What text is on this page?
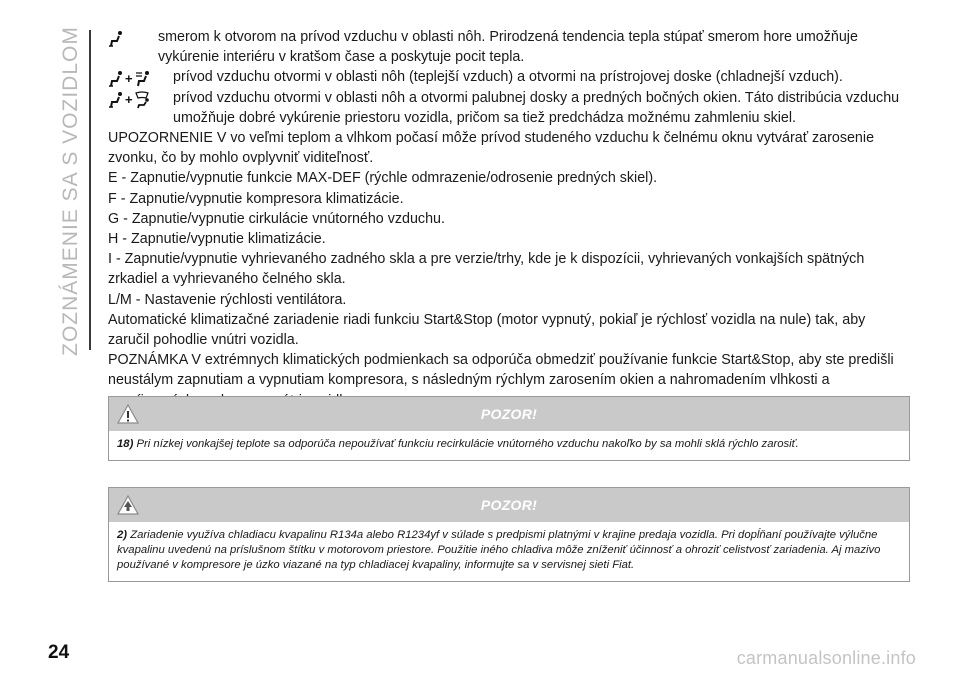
ZOZNÁMENIE SA S VOZIDLOM	smerom k otvorom na prívod vzduchu v oblasti nôh. Prirodzená tendencia tepla stúpať smerom hore umožňuje vykúrenie interiéru v kratšom čase a poskytuje pocit tepla.
+	prívod vzduchu otvormi v oblasti nôh (teplejší vzduch) a otvormi na prístrojovej doske (chladnejší vzduch).
+	prívod vzduchu otvormi v oblasti nôh a otvormi palubnej dosky a predných bočných okien. Táto distribúcia vzduchu umožňuje dobré vykúrenie priestoru vozidla, pričom sa tiež predchádza možnému zahmleniu skiel.

UPOZORNENIE V vo veľmi teplom a vlhkom počasí môže prívod studeného vzduchu k čelnému oknu vytvárať zarosenie zvonku, čo by mohlo ovplyvniť viditeľnosť.

E - Zapnutie/vypnutie funkcie MAX-DEF (rýchle odmrazenie/odrosenie predných skiel).

F - Zapnutie/vypnutie kompresora klimatizácie.

G - Zapnutie/vypnutie cirkulácie vnútorného vzduchu.

H - Zapnutie/vypnutie klimatizácie.

I - Zapnutie/vypnutie vyhrievaného zadného skla a pre verzie/trhy, kde je k dispozícii, vyhrievaných vonkajších spätných zrkadiel a vyhrievaného čelného skla.

L/M - Nastavenie rýchlosti ventilátora.

Automatické klimatizačné zariadenie riadi funkciu Start&Stop (motor vypnutý, pokiaľ je rýchlosť vozidla na nule) tak, aby zaručil pohodlie vnútri vozidla.

POZNÁMKA V extrémnych klimatických podmienkach sa odporúča obmedziť používanie funkcie Start&Stop, aby ste predišli neustálym zapnutiam a vypnutiam kompresora, s následným rýchlym zarosením okien a nahromadením vlhkosti a

POZOR!
18) Pri nízkej vonkajšej teplote sa odporúča nepoužívať funkciu recirkulácie vnútorného vzduchu nakoľko by sa mohli sklá rýchlo zarosiť.
POZOR!
2) Zariadenie využíva chladiacu kvapalinu R134a alebo R1234yf v súlade s predpismi platnými v krajine predaja vozidla. Pri dopĺňaní používajte výlučne kvapalinu uvedenú na príslušnom štítku v motorovom priestore. Použitie iného chladiva môže zníženiť účinnosť a ohroziť celistvosť zariadenia. Aj mazivo používané v kompresore je úzko viazané na typ chladiacej kvapaliny, informujte sa v servisnej sieti Fiat.
24	carmanualsonline.info
